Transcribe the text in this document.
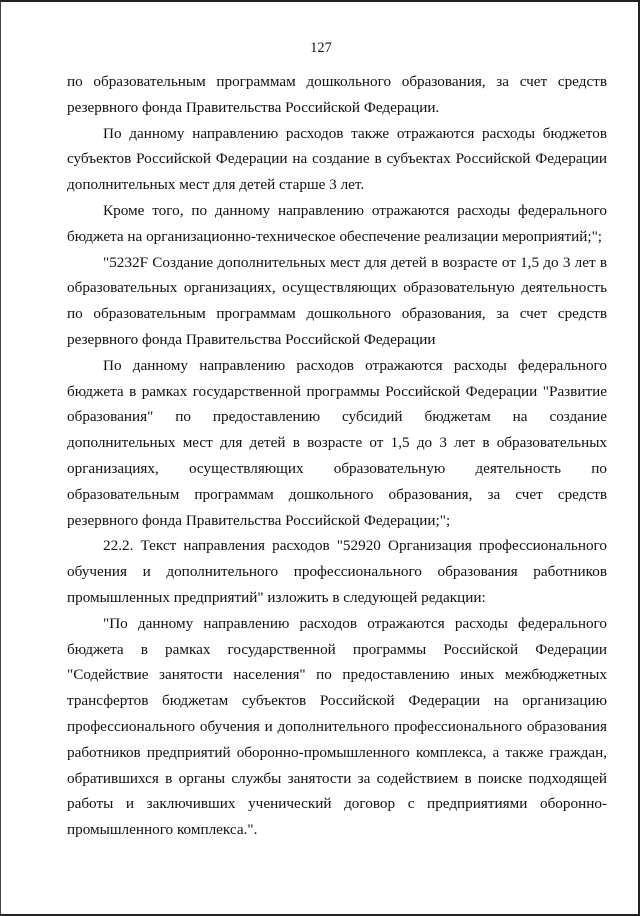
127

по образовательным программам дошкольного образования, за счет средств резервного фонда Правительства Российской Федерации.

По данному направлению расходов также отражаются расходы бюджетов субъектов Российской Федерации на создание в субъектах Российской Федерации дополнительных мест для детей старше 3 лет.

Кроме того, по данному направлению отражаются расходы федерального бюджета на организационно-техническое обеспечение реализации мероприятий;";

"5232F Создание дополнительных мест для детей в возрасте от 1,5 до 3 лет в образовательных организациях, осуществляющих образовательную деятельность по образовательным программам дошкольного образования, за счет средств резервного фонда Правительства Российской Федерации

По данному направлению расходов отражаются расходы федерального бюджета в рамках государственной программы Российской Федерации "Развитие образования" по предоставлению субсидий бюджетам на создание дополнительных мест для детей в возрасте от 1,5 до 3 лет в образовательных организациях, осуществляющих образовательную деятельность по образовательным программам дошкольного образования, за счет средств резервного фонда Правительства Российской Федерации;";

22.2. Текст направления расходов "52920 Организация профессионального обучения и дополнительного профессионального образования работников промышленных предприятий" изложить в следующей редакции:

"По данному направлению расходов отражаются расходы федерального бюджета в рамках государственной программы Российской Федерации "Содействие занятости населения" по предоставлению иных межбюджетных трансфертов бюджетам субъектов Российской Федерации на организацию профессионального обучения и дополнительного профессионального образования работников предприятий оборонно-промышленного комплекса, а также граждан, обратившихся в органы службы занятости за содействием в поиске подходящей работы и заключивших ученический договор с предприятиями оборонно-промышленного комплекса.".
